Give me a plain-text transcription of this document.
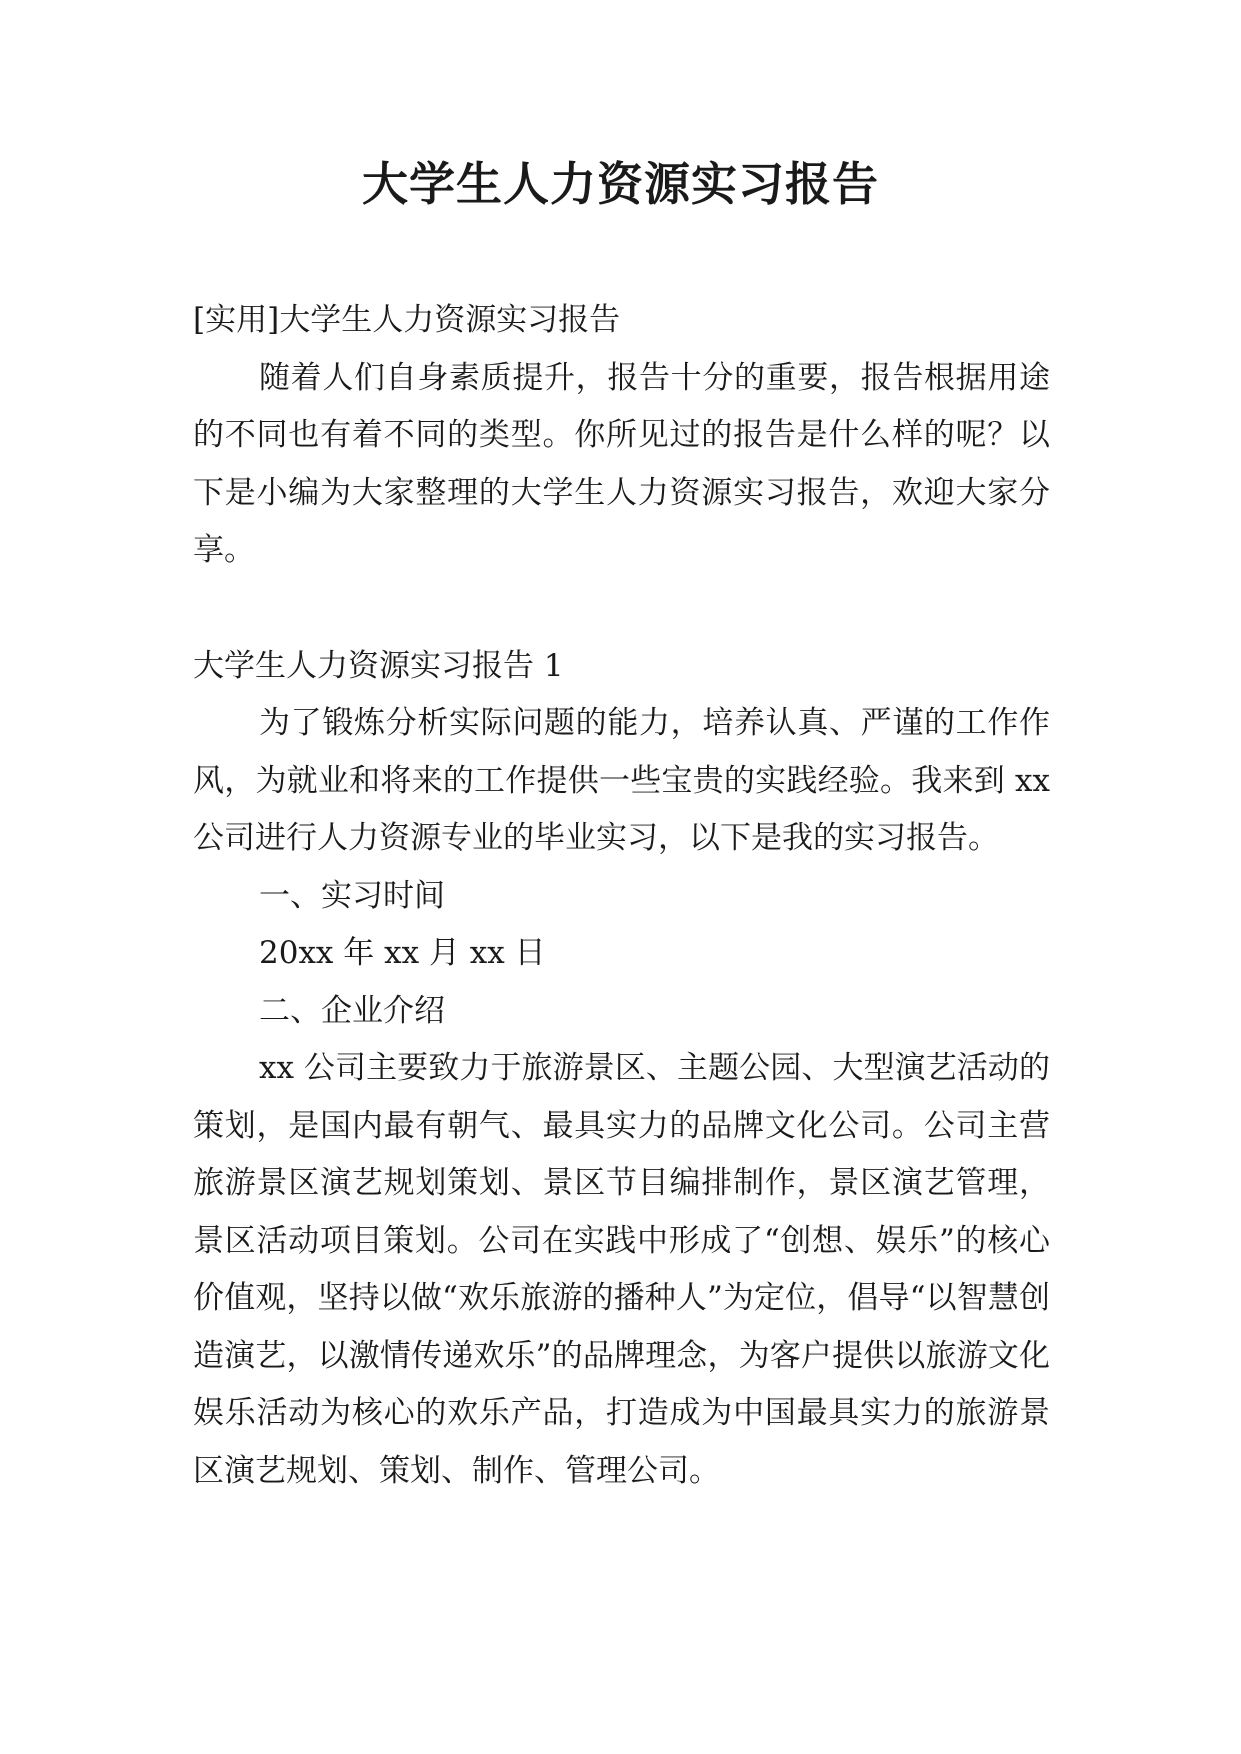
大学生人力资源实习报告

[实用]大学生人力资源实习报告

随着人们自身素质提升，报告十分的重要，报告根据用途的不同也有着不同的类型。你所见过的报告是什么样的呢？以下是小编为大家整理的大学生人力资源实习报告，欢迎大家分享。

大学生人力资源实习报告 1

为了锻炼分析实际问题的能力，培养认真、严谨的工作作风，为就业和将来的工作提供一些宝贵的实践经验。我来到 xx 公司进行人力资源专业的毕业实习，以下是我的实习报告。

一、实习时间

20xx 年 xx 月 xx 日

二、企业介绍

xx 公司主要致力于旅游景区、主题公园、大型演艺活动的策划，是国内最有朝气、最具实力的品牌文化公司。公司主营旅游景区演艺规划策划、景区节目编排制作，景区演艺管理，景区活动项目策划。公司在实践中形成了“创想、娱乐”的核心价值观，坚持以做“欢乐旅游的播种人”为定位，倡导“以智慧创造演艺，以激情传递欢乐”的品牌理念，为客户提供以旅游文化娱乐活动为核心的欢乐产品，打造成为中国最具实力的旅游景区演艺规划、策划、制作、管理公司。
